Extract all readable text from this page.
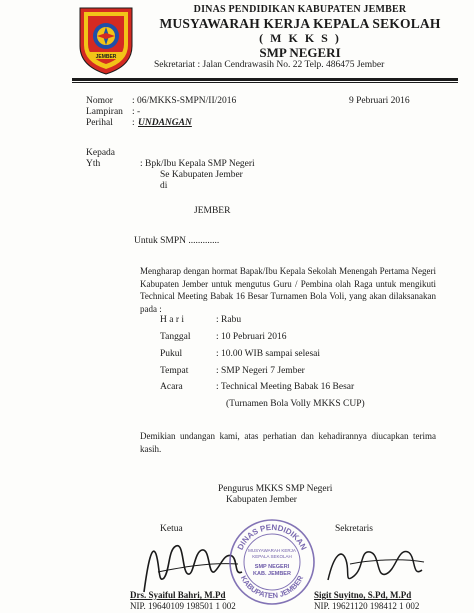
JEMBER
DINAS PENDIDIKAN KABUPATEN JEMBER
MUSYAWARAH KERJA KEPALA SEKOLAH
( M K K S )
SMP NEGERI
Sekretariat : Jalan Cendrawasih No. 22 Telp. 486475 Jember
Nomor : 06/MKKS-SMPN/II/2016	9 Pebruari 2016
Lampiran : -
Perihal : UNDANGAN
Kepada
Yth	: Bpk/Ibu Kepala SMP Negeri
Se Kabupaten Jember
di
JEMBER
Untuk SMPN .............
Mengharap dengan hormat Bapak/Ibu Kepala Sekolah Menengah Pertama Negeri Kabupaten Jember untuk mengutus Guru / Pembina olah Raga untuk mengikuti Technical Meeting Babak 16 Besar Turnamen Bola Voli, yang akan dilaksanakan pada :
H a r i	: Rabu
Tanggal	: 10 Pebruari 2016
Pukul	: 10.00 WIB sampai selesai
Tempat	: SMP Negeri 7 Jember
Acara	: Technical Meeting Babak 16 Besar
(Turnamen Bola Volly MKKS CUP)
Demikian undangan kami, atas perhatian dan kehadirannya diucapkan terima kasih.
Pengurus MKKS SMP Negeri
Kabupaten Jember
Ketua	Sekretaris
DINAS PENDIDIKAN
KABUPATEN JEMBER
MUSYAWARAH KERJA
KEPALA SEKOLAH
SMP NEGERI
KAB. JEMBER
Drs. Syaiful Bahri, M.Pd
NIP. 19640109 198501 1 002
Sigit Suyitno, S.Pd, M.Pd
NIP. 19621120 198412 1 002
